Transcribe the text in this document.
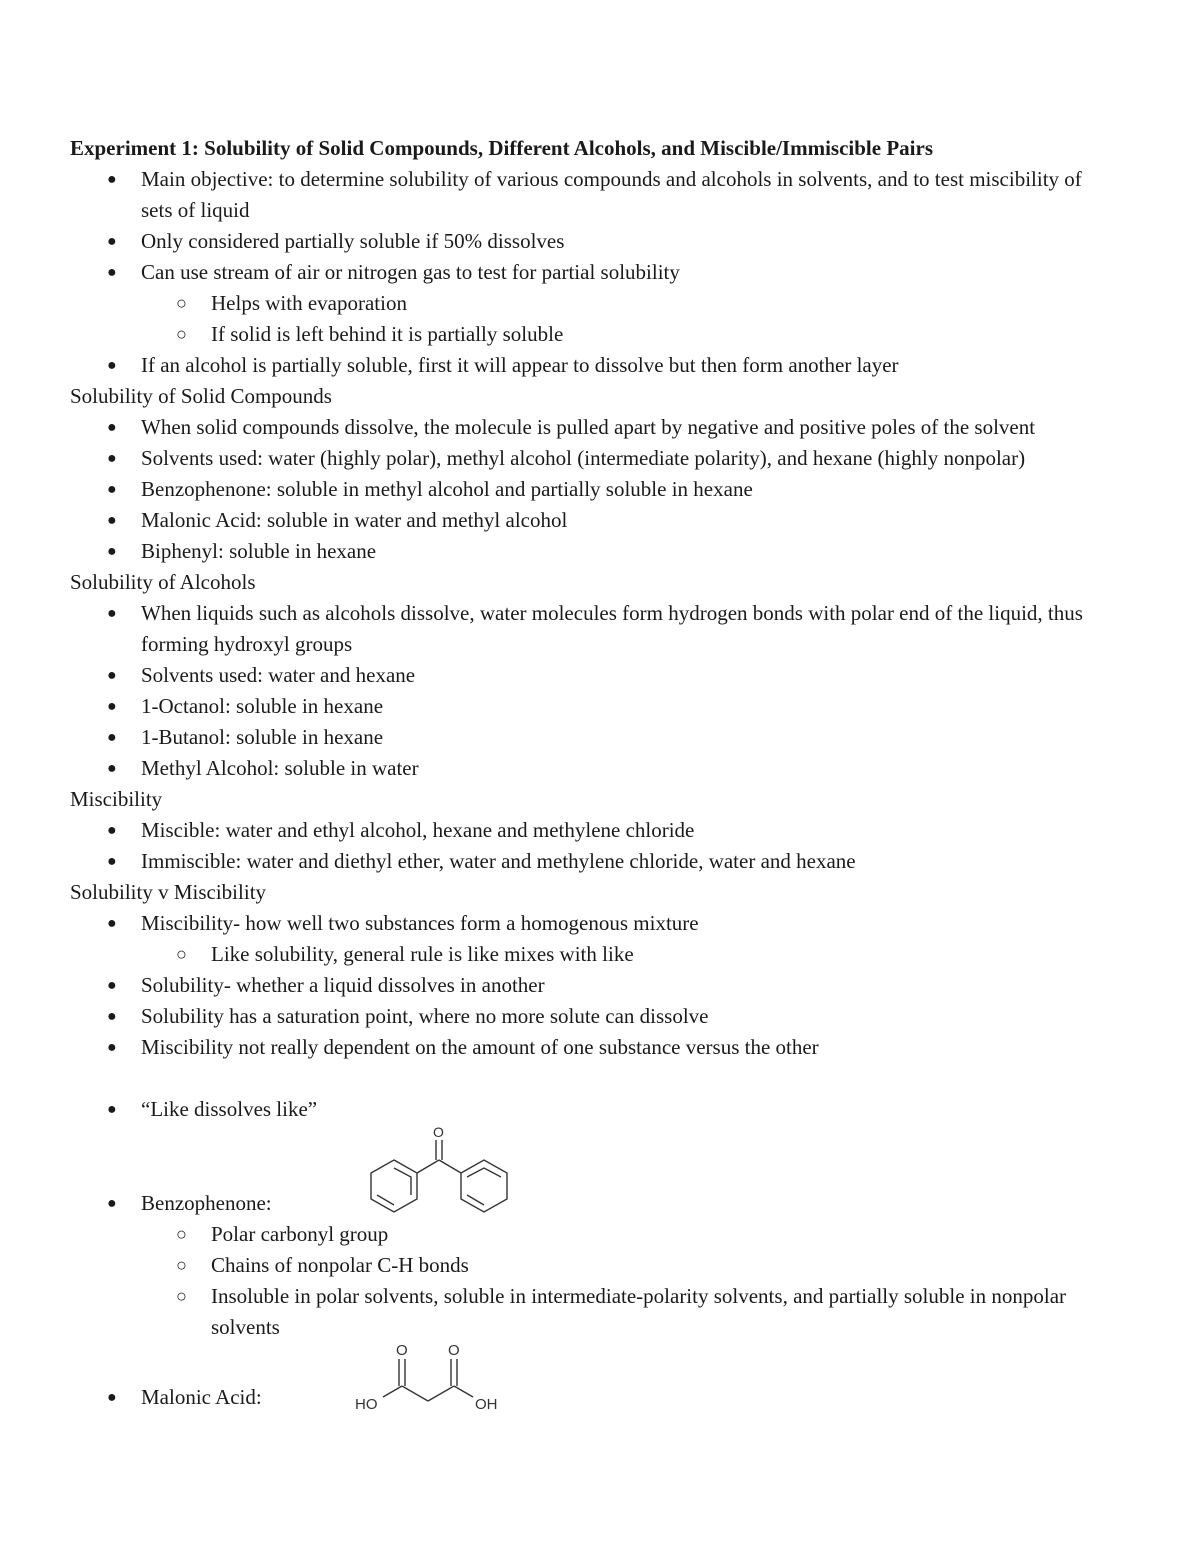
Experiment 1: Solubility of Solid Compounds, Different Alcohols, and Miscible/Immiscible Pairs
● Main objective: to determine solubility of various compounds and alcohols in solvents, and to test miscibility of sets of liquid
● Only considered partially soluble if 50% dissolves
● Can use stream of air or nitrogen gas to test for partial solubility
○ Helps with evaporation
○ If solid is left behind it is partially soluble
● If an alcohol is partially soluble, first it will appear to dissolve but then form another layer
Solubility of Solid Compounds
● When solid compounds dissolve, the molecule is pulled apart by negative and positive poles of the solvent
● Solvents used: water (highly polar), methyl alcohol (intermediate polarity), and hexane (highly nonpolar)
● Benzophenone: soluble in methyl alcohol and partially soluble in hexane
● Malonic Acid: soluble in water and methyl alcohol
● Biphenyl: soluble in hexane
Solubility of Alcohols
● When liquids such as alcohols dissolve, water molecules form hydrogen bonds with polar end of the liquid, thus forming hydroxyl groups
● Solvents used: water and hexane
● 1-Octanol: soluble in hexane
● 1-Butanol: soluble in hexane
● Methyl Alcohol: soluble in water
Miscibility
● Miscible: water and ethyl alcohol, hexane and methylene chloride
● Immiscible: water and diethyl ether, water and methylene chloride, water and hexane
Solubility v Miscibility
● Miscibility- how well two substances form a homogenous mixture
○ Like solubility, general rule is like mixes with like
● Solubility- whether a liquid dissolves in another
● Solubility has a saturation point, where no more solute can dissolve
● Miscibility not really dependent on the amount of one substance versus the other
● “Like dissolves like”
● Benzophenone:
O
○ Polar carbonyl group
○ Chains of nonpolar C-H bonds
○ Insoluble in polar solvents, soluble in intermediate-polarity solvents, and partially soluble in nonpolar solvents
● Malonic Acid:
O	O
HO	OH
